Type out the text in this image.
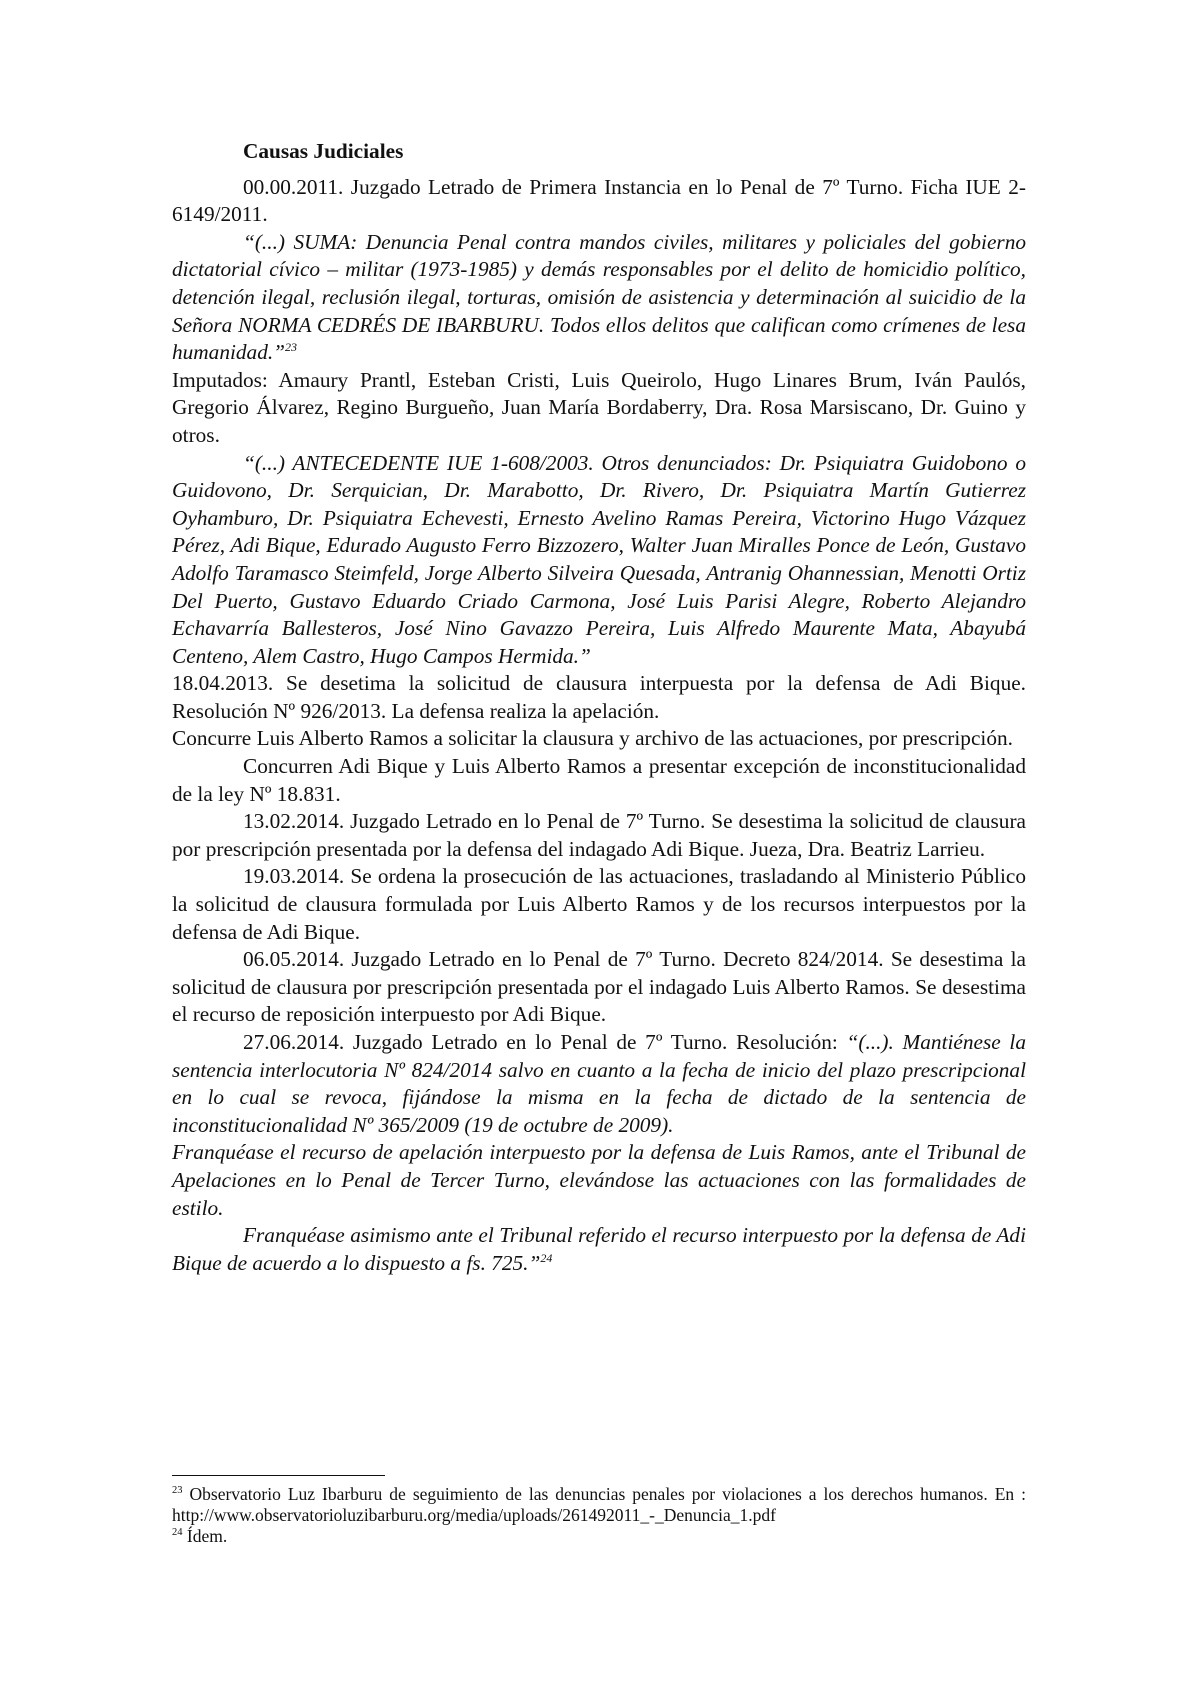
Causas Judiciales

00.00.2011. Juzgado Letrado de Primera Instancia en lo Penal de 7º Turno. Ficha IUE 2-6149/2011.

“(...) SUMA: Denuncia Penal contra mandos civiles, militares y policiales del gobierno dictatorial cívico – militar (1973-1985) y demás responsables por el delito de homicidio político, detención ilegal, reclusión ilegal, torturas, omisión de asistencia y determinación al suicidio de la Señora NORMA CEDRÉS DE IBARBURU. Todos ellos delitos que califican como crímenes de lesa humanidad.”$^{23}$

Imputados: Amaury Prantl, Esteban Cristi, Luis Queirolo, Hugo Linares Brum, Iván Paulós, Gregorio Álvarez, Regino Burgueño, Juan María Bordaberry, Dra. Rosa Marsiscano, Dr. Guino y otros.

“(...) ANTECEDENTE IUE 1-608/2003. Otros denunciados: Dr. Psiquiatra Guidobono o Guidovono, Dr. Serquician, Dr. Marabotto, Dr. Rivero, Dr. Psiquiatra Martín Gutierrez Oyhamburo, Dr. Psiquiatra Echevesti, Ernesto Avelino Ramas Pereira, Victorino Hugo Vázquez Pérez, Adi Bique, Edurado Augusto Ferro Bizzozero, Walter Juan Miralles Ponce de León, Gustavo Adolfo Taramasco Steimfeld, Jorge Alberto Silveira Quesada, Antranig Ohannessian, Menotti Ortiz Del Puerto, Gustavo Eduardo Criado Carmona, José Luis Parisi Alegre, Roberto Alejandro Echavarría Ballesteros, José Nino Gavazzo Pereira, Luis Alfredo Maurente Mata, Abayubá Centeno, Alem Castro, Hugo Campos Hermida.”

18.04.2013. Se desetima la solicitud de clausura interpuesta por la defensa de Adi Bique. Resolución Nº 926/2013. La defensa realiza la apelación.

Concurre Luis Alberto Ramos a solicitar la clausura y archivo de las actuaciones, por prescripción.

Concurren Adi Bique y Luis Alberto Ramos a presentar excepción de inconstitucionalidad de la ley Nº 18.831.

13.02.2014. Juzgado Letrado en lo Penal de 7º Turno. Se desestima la solicitud de clausura por prescripción presentada por la defensa del indagado Adi Bique. Jueza, Dra. Beatriz Larrieu.

19.03.2014. Se ordena la prosecución de las actuaciones, trasladando al Ministerio Público la solicitud de clausura formulada por Luis Alberto Ramos y de los recursos interpuestos por la defensa de Adi Bique.

06.05.2014. Juzgado Letrado en lo Penal de 7º Turno. Decreto 824/2014. Se desestima la solicitud de clausura por prescripción presentada por el indagado Luis Alberto Ramos. Se desestima el recurso de reposición interpuesto por Adi Bique.

27.06.2014. Juzgado Letrado en lo Penal de 7º Turno. Resolución: “(...). Mantiénese la sentencia interlocutoria Nº 824/2014 salvo en cuanto a la fecha de inicio del plazo prescripcional en lo cual se revoca, fijándose la misma en la fecha de dictado de la sentencia de inconstitucionalidad Nº 365/2009 (19 de octubre de 2009).

Franquéase el recurso de apelación interpuesto por la defensa de Luis Ramos, ante el Tribunal de Apelaciones en lo Penal de Tercer Turno, elevándose las actuaciones con las formalidades de estilo.

Franquéase asimismo ante el Tribunal referido el recurso interpuesto por la defensa de Adi Bique de acuerdo a lo dispuesto a fs. 725.”$^{24}$

$^{23}$ Observatorio Luz Ibarburu de seguimiento de las denuncias penales por violaciones a los derechos humanos. En : http://www.observatorioluzibarburu.org/media/uploads/261492011_-_Denuncia_1.pdf

$^{24}$ Ídem.
